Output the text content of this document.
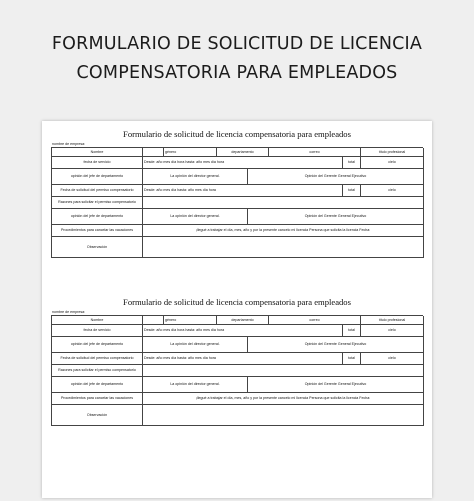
FORMULARIO DE SOLICITUD DE LICENCIA
COMPENSATORIA PARA EMPLEADOS
Formulario de solicitud de licencia compensatoria para empleados
nombre de empresa:
Nombre	género	departamento	correo	título profesional
fecha de servicio	Desde: año mes día hora hasta: año mes día hora	total	cielo
opinión del jefe de departamento	La opinión del director general.	Opinión del Gerente General Ejecutivo
Fecha de solicitud del permiso compensatorio	Desde: año mes día hasta: año mes día hora	total	cielo
Razones para solicitar el permiso compensatorio
opinión del jefe de departamento	La opinión del director general.	Opinión del Gerente General Ejecutivo
Procedimientos para cancelar las vacaciones	¡llegué a trabajar el día, mes, año y por la presente cancelo mi licencia Persona que solicita la licencia Fecha:
Observación
Formulario de solicitud de licencia compensatoria para empleados
nombre de empresa:
Nombre	género	departamento	correo	título profesional
fecha de servicio	Desde: año mes día hora hasta: año mes día hora	total	cielo
opinión del jefe de departamento	La opinión del director general.	Opinión del Gerente General Ejecutivo
Fecha de solicitud del permiso compensatorio	Desde: año mes día hasta: año mes día hora	total	cielo
Razones para solicitar el permiso compensatorio
opinión del jefe de departamento	La opinión del director general.	Opinión del Gerente General Ejecutivo
Procedimientos para cancelar las vacaciones	¡llegué a trabajar el día, mes, año y por la presente cancelo mi licencia Persona que solicita la licencia Fecha:
Observación
